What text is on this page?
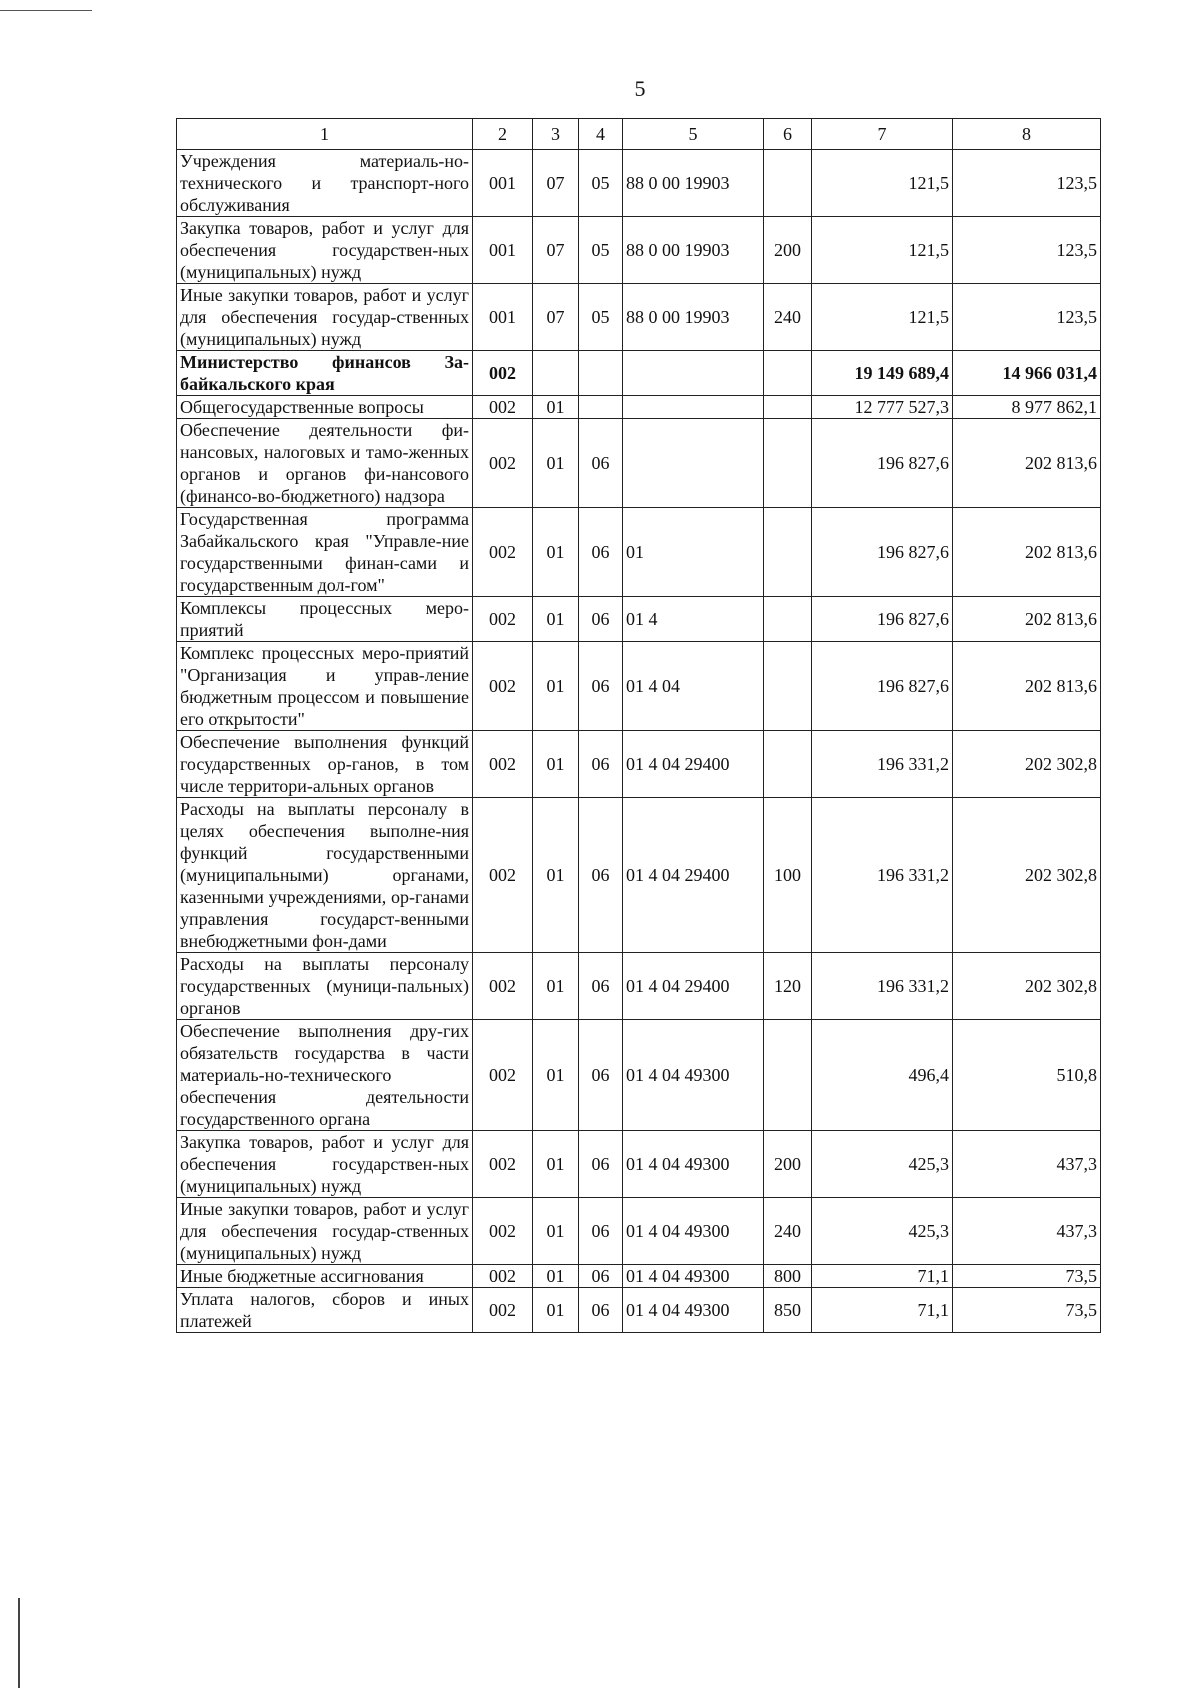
5
1	2	3	4	5	6	7	8
Учреждения материаль-но-технического и транспорт-ного обслуживания	001	07	05	88 0 00 19903		121,5	123,5
Закупка товаров, работ и услуг для обеспечения государствен-ных (муниципальных) нужд	001	07	05	88 0 00 19903	200	121,5	123,5
Иные закупки товаров, работ и услуг для обеспечения государ-ственных (муниципальных) нужд	001	07	05	88 0 00 19903	240	121,5	123,5
Министерство финансов За-байкальского края	002					19 149 689,4	14 966 031,4
Общегосударственные вопросы	002	01				12 777 527,3	8 977 862,1
Обеспечение деятельности фи-нансовых, налоговых и тамо-женных органов и органов фи-нансового (финансо-во-бюджетного) надзора	002	01	06			196 827,6	202 813,6
Государственная программа Забайкальского края "Управле-ние государственными финан-сами и государственным дол-гом"	002	01	06	01		196 827,6	202 813,6
Комплексы процессных меро-приятий	002	01	06	01 4		196 827,6	202 813,6
Комплекс процессных меро-приятий "Организация и управ-ление бюджетным процессом и повышение его открытости"	002	01	06	01 4 04		196 827,6	202 813,6
Обеспечение выполнения функций государственных ор-ганов, в том числе территори-альных органов	002	01	06	01 4 04 29400		196 331,2	202 302,8
Расходы на выплаты персоналу в целях обеспечения выполне-ния функций государственными (муниципальными) органами, казенными учреждениями, ор-ганами управления государст-венными внебюджетными фон-дами	002	01	06	01 4 04 29400	100	196 331,2	202 302,8
Расходы на выплаты персоналу государственных (муници-пальных) органов	002	01	06	01 4 04 29400	120	196 331,2	202 302,8
Обеспечение выполнения дру-гих обязательств государства в части материаль-но-технического обеспечения деятельности государственного органа	002	01	06	01 4 04 49300		496,4	510,8
Закупка товаров, работ и услуг для обеспечения государствен-ных (муниципальных) нужд	002	01	06	01 4 04 49300	200	425,3	437,3
Иные закупки товаров, работ и услуг для обеспечения государ-ственных (муниципальных) нужд	002	01	06	01 4 04 49300	240	425,3	437,3
Иные бюджетные ассигнования	002	01	06	01 4 04 49300	800	71,1	73,5
Уплата налогов, сборов и иных платежей	002	01	06	01 4 04 49300	850	71,1	73,5
